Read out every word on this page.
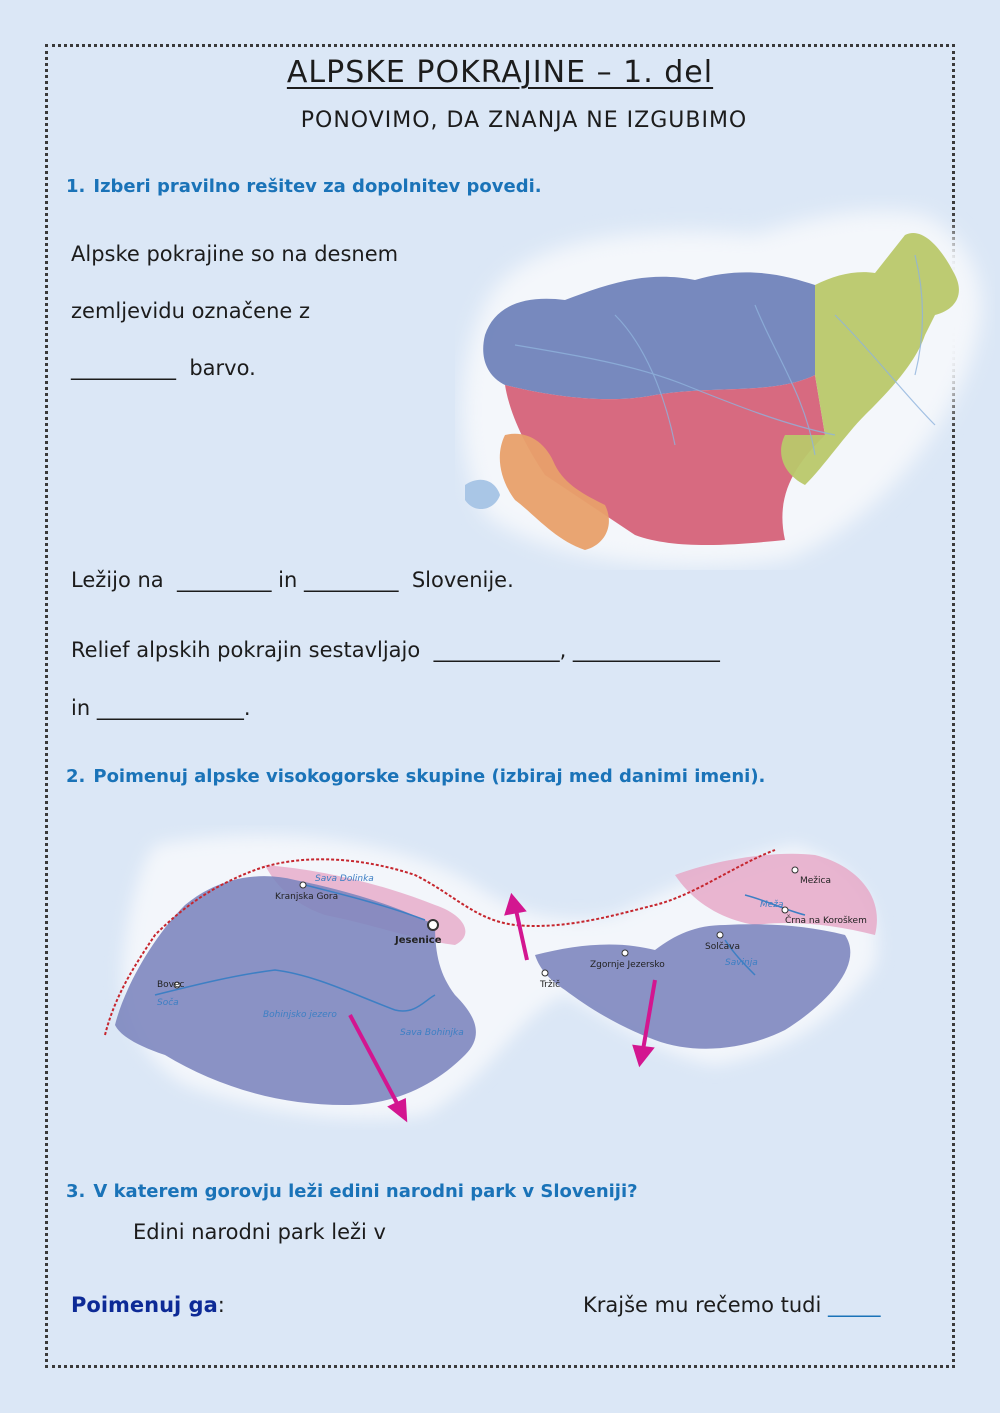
ALPSKE POKRAJINE – 1. del
PONOVIMO, DA ZNANJA NE IZGUBIMO
1. Izberi pravilno rešitev za dopolnitev povedi.
Alpske pokrajine so na desnem
zemljevidu označene z
__________  barvo.
Ležijo na  _________ in _________  Slovenije.
Relief alpskih pokrajin sestavljajo  ____________, ______________
in ______________.
2. Poimenuj alpske visokogorske skupine (izbiraj med danimi imeni).
Kranjska Gora
Sava Dolinka
Jesenice
Bovec
Soča
Bohinjsko jezero
Sava Bohinjka
Tržič
Zgornje Jezersko
Mežica
Meža
Črna na Koroškem
Solčava
Savinja
3. V katerem gorovju leži edini narodni park v Sloveniji?
Edini narodni park leži v
Poimenuj ga:	Krajše mu rečemo tudi _____
